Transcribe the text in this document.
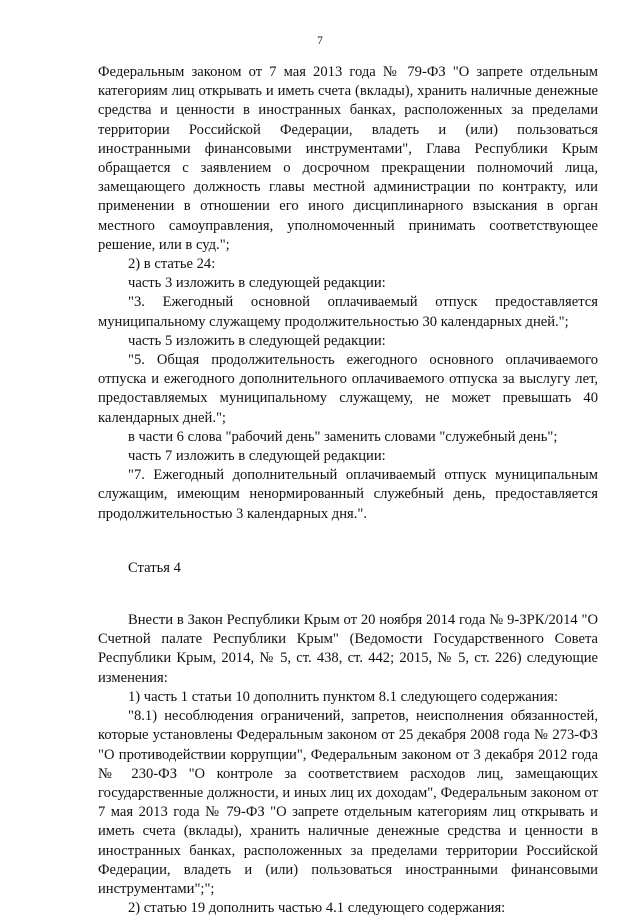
7

Федеральным законом от 7 мая 2013 года № 79-ФЗ "О запрете отдельным категориям лиц открывать и иметь счета (вклады), хранить наличные денежные средства и ценности в иностранных банках, расположенных за пределами территории Российской Федерации, владеть и (или) пользоваться иностранными финансовыми инструментами", Глава Республики Крым обращается с заявлением о досрочном прекращении полномочий лица, замещающего должность главы местной администрации по контракту, или применении в отношении его иного дисциплинарного взыскания в орган местного самоуправления, уполномоченный принимать соответствующее решение, или в суд.";

2) в статье 24:

часть 3 изложить в следующей редакции:

"3. Ежегодный основной оплачиваемый отпуск предоставляется муниципальному служащему продолжительностью 30 календарных дней.";

часть 5 изложить в следующей редакции:

"5. Общая продолжительность ежегодного основного оплачиваемого отпуска и ежегодного дополнительного оплачиваемого отпуска за выслугу лет, предоставляемых муниципальному служащему, не может превышать 40 календарных дней.";

в части 6 слова "рабочий день" заменить словами "служебный день";

часть 7 изложить в следующей редакции:

"7. Ежегодный дополнительный оплачиваемый отпуск муниципальным служащим, имеющим ненормированный служебный день, предоставляется продолжительностью 3 календарных дня.".

Статья 4

Внести в Закон Республики Крым от 20 ноября 2014 года № 9-ЗРК/2014 "О Счетной палате Республики Крым" (Ведомости Государственного Совета Республики Крым, 2014, № 5, ст. 438, ст. 442; 2015, № 5, ст. 226) следующие изменения:

1) часть 1 статьи 10 дополнить пунктом 8.1 следующего содержания:

"8.1) несоблюдения ограничений, запретов, неисполнения обязанностей, которые установлены Федеральным законом от 25 декабря 2008 года № 273-ФЗ "О противодействии коррупции", Федеральным законом от 3 декабря 2012 года № 230-ФЗ "О контроле за соответствием расходов лиц, замещающих государственные должности, и иных лиц их доходам", Федеральным законом от 7 мая 2013 года № 79-ФЗ "О запрете отдельным категориям лиц открывать и иметь счета (вклады), хранить наличные денежные средства и ценности в иностранных банках, расположенных за пределами территории Российской Федерации, владеть и (или) пользоваться иностранными финансовыми инструментами";";

2) статью 19 дополнить частью 4.1 следующего содержания:
